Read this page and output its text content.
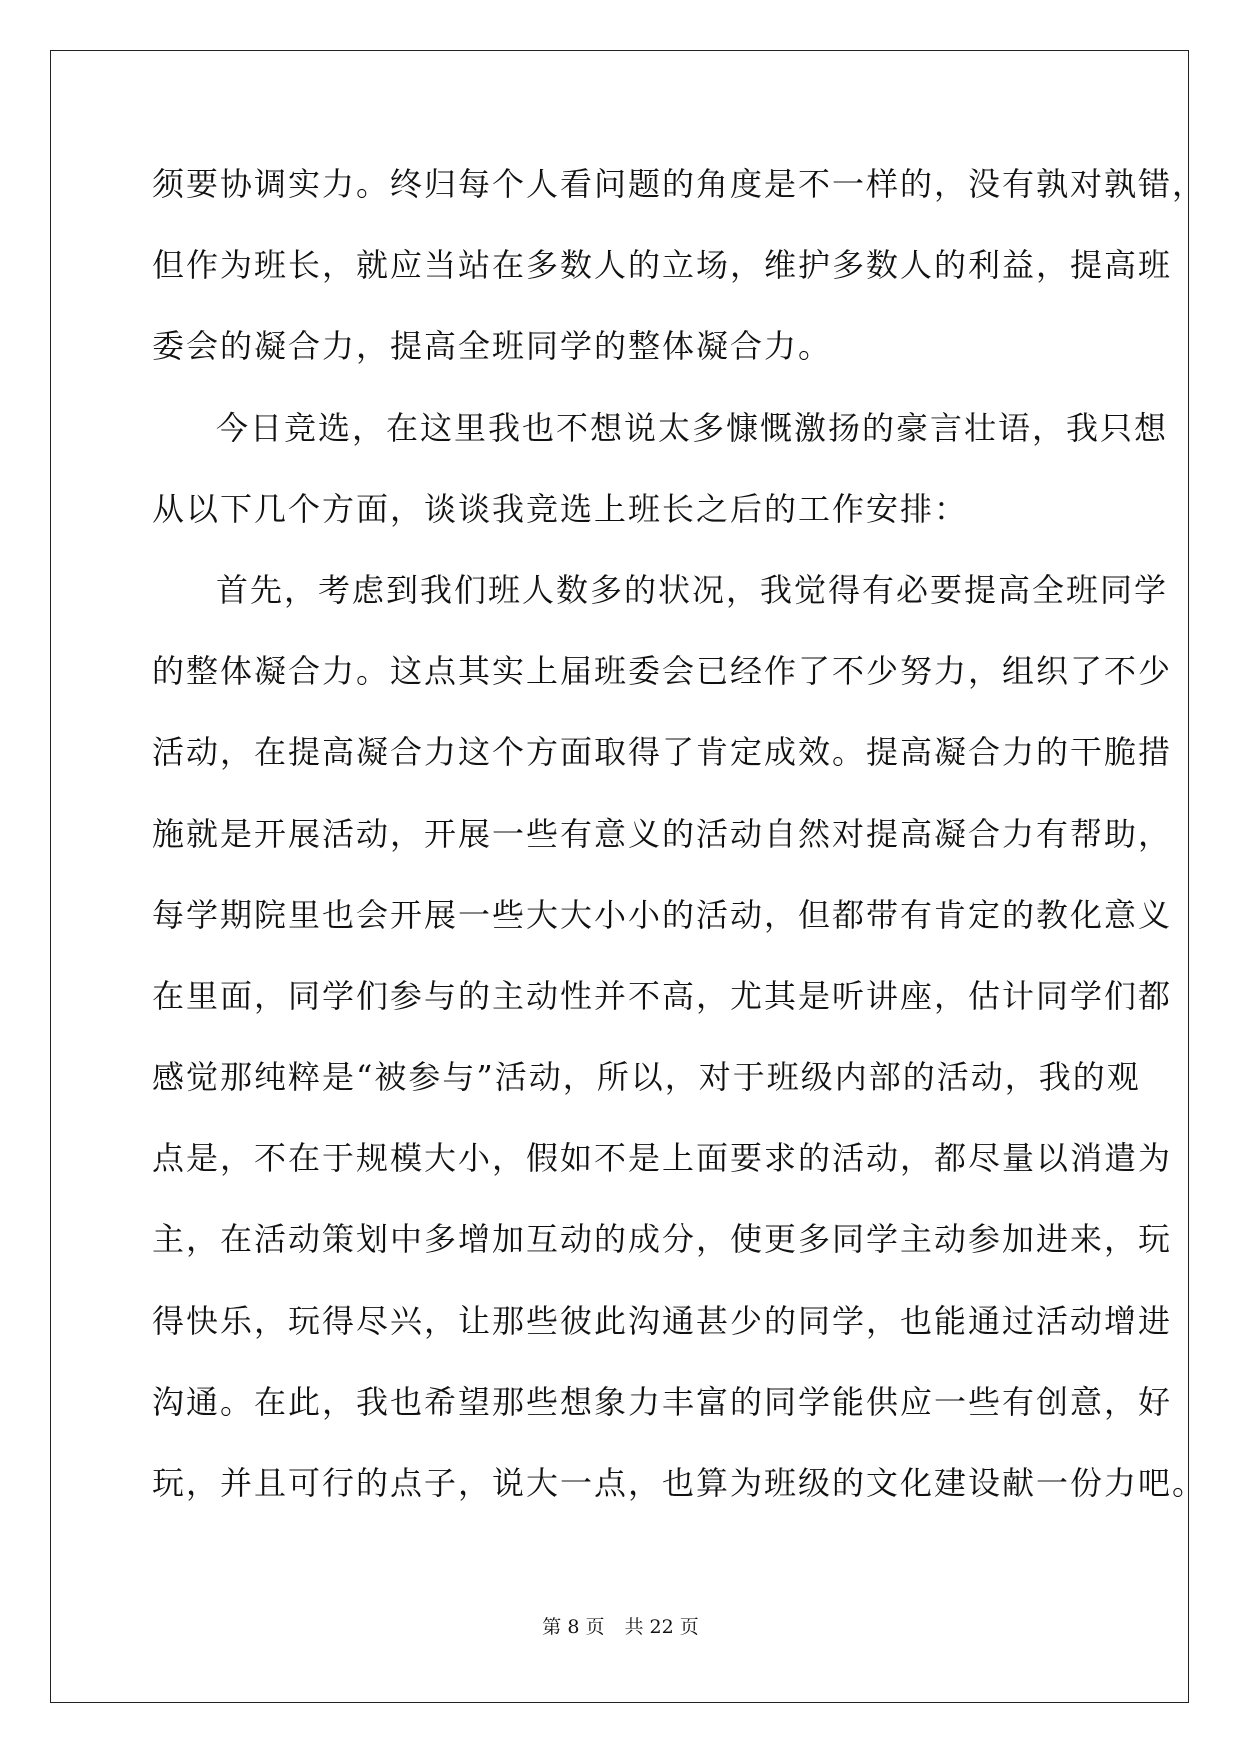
须要协调实力。终归每个人看问题的角度是不一样的，没有孰对孰错，
但作为班长，就应当站在多数人的立场，维护多数人的利益，提高班
委会的凝合力，提高全班同学的整体凝合力。
今日竞选，在这里我也不想说太多慷慨激扬的豪言壮语，我只想
从以下几个方面，谈谈我竞选上班长之后的工作安排：
首先，考虑到我们班人数多的状况，我觉得有必要提高全班同学
的整体凝合力。这点其实上届班委会已经作了不少努力，组织了不少
活动，在提高凝合力这个方面取得了肯定成效。提高凝合力的干脆措
施就是开展活动，开展一些有意义的活动自然对提高凝合力有帮助，
每学期院里也会开展一些大大小小的活动，但都带有肯定的教化意义
在里面，同学们参与的主动性并不高，尤其是听讲座，估计同学们都
感觉那纯粹是“被参与”活动，所以，对于班级内部的活动，我的观
点是，不在于规模大小，假如不是上面要求的活动，都尽量以消遣为
主，在活动策划中多增加互动的成分，使更多同学主动参加进来，玩
得快乐，玩得尽兴，让那些彼此沟通甚少的同学，也能通过活动增进
沟通。在此，我也希望那些想象力丰富的同学能供应一些有创意，好
玩，并且可行的点子，说大一点，也算为班级的文化建设献一份力吧。
第 8 页 共 22 页
